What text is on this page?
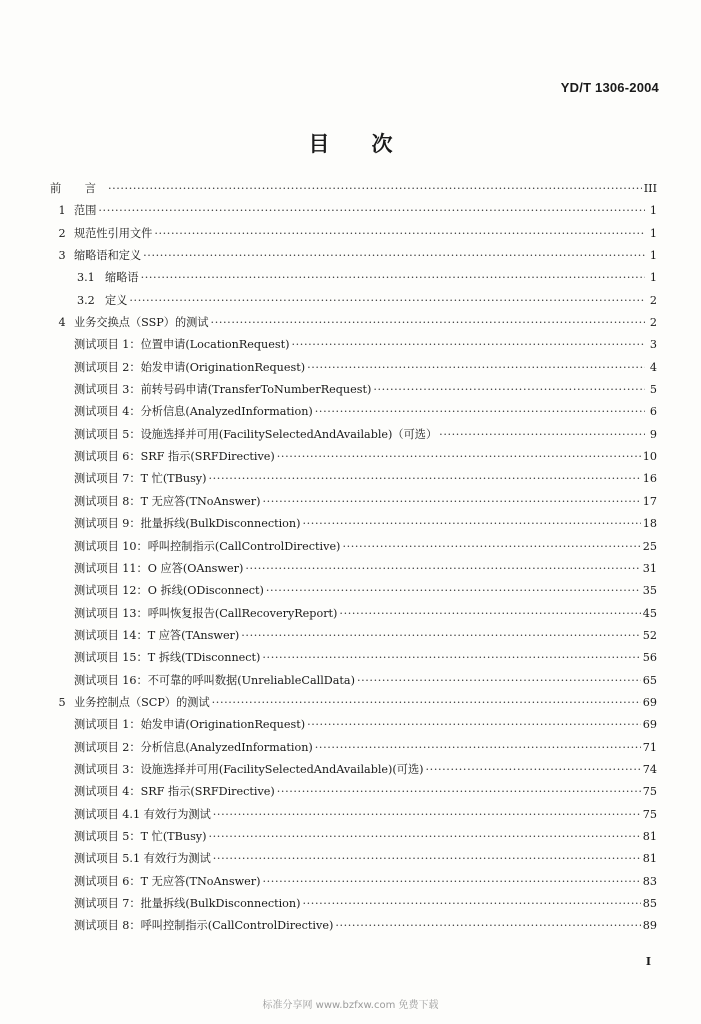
YD/T 1306-2004
目 次
前 言 ·····	III
1 范围 ·····	1
2 规范性引用文件 ·····	1
3 缩略语和定义 ·····	1
3.1 缩略语 ·····	1
3.2 定义 ·····	2
4 业务交换点（SSP）的测试 ·····	2
测试项目 1：位置申请(LocationRequest) ·····	3
测试项目 2：始发申请(OriginationRequest) ·····	4
测试项目 3：前转号码申请(TransferToNumberRequest) ·····	5
测试项目 4：分析信息(AnalyzedInformation) ·····	6
测试项目 5：设施选择并可用(FacilitySelectedAndAvailable)（可选） ·····	9
测试项目 6：SRF 指示(SRFDirective) ·····	10
测试项目 7：T 忙(TBusy) ·····	16
测试项目 8：T 无应答(TNoAnswer) ·····	17
测试项目 9：批量拆线(BulkDisconnection) ·····	18
测试项目 10：呼叫控制指示(CallControlDirective) ·····	25
测试项目 11：O 应答(OAnswer) ·····	31
测试项目 12：O 拆线(ODisconnect) ·····	35
测试项目 13：呼叫恢复报告(CallRecoveryReport) ·····	45
测试项目 14：T 应答(TAnswer) ·····	52
测试项目 15：T 拆线(TDisconnect) ·····	56
测试项目 16：不可靠的呼叫数据(UnreliableCallData) ·····	65
5 业务控制点（SCP）的测试 ·····	69
测试项目 1：始发申请(OriginationRequest) ·····	69
测试项目 2：分析信息(AnalyzedInformation) ·····	71
测试项目 3：设施选择并可用(FacilitySelectedAndAvailable)(可选) ·····	74
测试项目 4：SRF 指示(SRFDirective) ·····	75
测试项目 4.1 有效行为测试 ·····	75
测试项目 5：T 忙(TBusy) ·····	81
测试项目 5.1 有效行为测试 ·····	81
测试项目 6：T 无应答(TNoAnswer) ·····	83
测试项目 7：批量拆线(BulkDisconnection) ·····	85
测试项目 8：呼叫控制指示(CallControlDirective) ·····	89
I
标准分享网 www.bzfxw.com 免费下载
